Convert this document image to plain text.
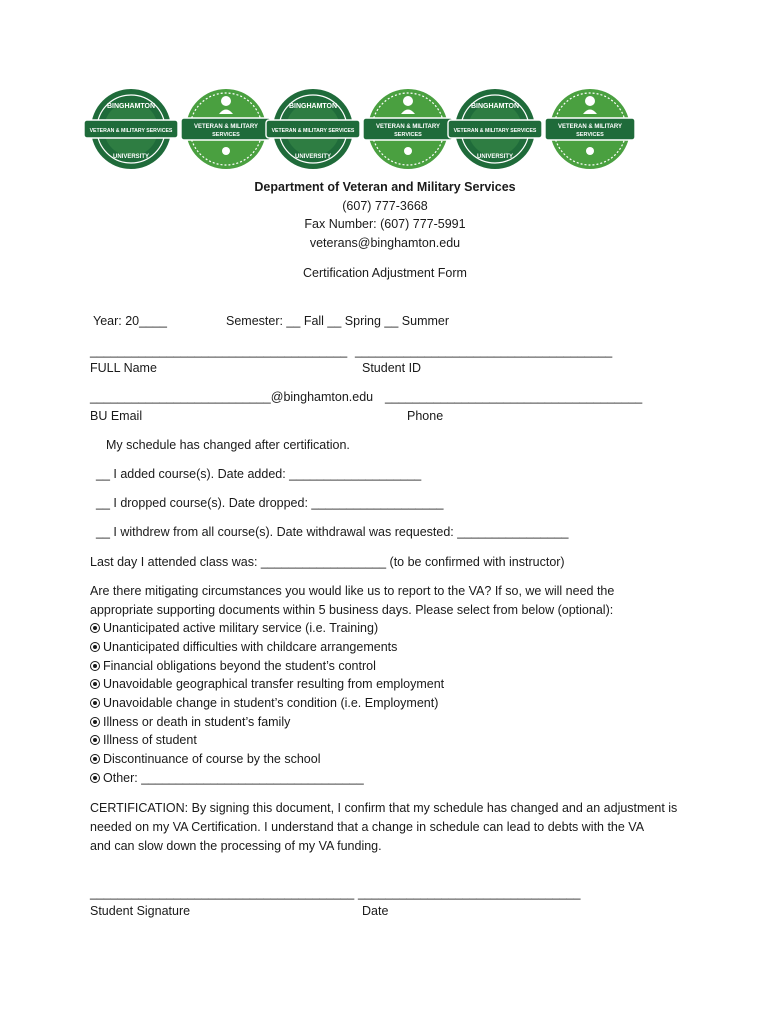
BINGHAMTON
VETERAN & MILITARY SERVICES
UNIVERSITY
VETERAN & MILITARY
SERVICES
BINGHAMTON
VETERAN & MILITARY SERVICES
UNIVERSITY
VETERAN & MILITARY
SERVICES
BINGHAMTON
VETERAN & MILITARY SERVICES
UNIVERSITY
VETERAN & MILITARY
SERVICES
Department of Veteran and Military Services
(607) 777-3668
Fax Number: (607) 777-5991
veterans@binghamton.edu
Certification Adjustment Form
Year: 20____	Semester: __ Fall __ Spring __ Summer
_____________________________________ _____________________________________
FULL Name	Student ID
__________________________@binghamton.edu _____________________________________
BU Email	Phone
My schedule has changed after certification.
__ I added course(s). Date added: ___________________
__ I dropped course(s). Date dropped: ___________________
__ I withdrew from all course(s). Date withdrawal was requested: ________________
Last day I attended class was: __________________ (to be confirmed with instructor)
Are there mitigating circumstances you would like us to report to the VA? If so, we will need the
appropriate supporting documents within 5 business days. Please select from below (optional):
Unanticipated active military service (i.e. Training)
Unanticipated difficulties with childcare arrangements
Financial obligations beyond the student’s control
Unavoidable geographical transfer resulting from employment
Unavoidable change in student’s condition (i.e. Employment)
Illness or death in student’s family
Illness of student
Discontinuance of course by the school
Other: ________________________________
CERTIFICATION: By signing this document, I confirm that my schedule has changed and an adjustment is
needed on my VA Certification. I understand that a change in schedule can lead to debts with the VA
and can slow down the processing of my VA funding.
______________________________________ ________________________________
Student Signature	Date
